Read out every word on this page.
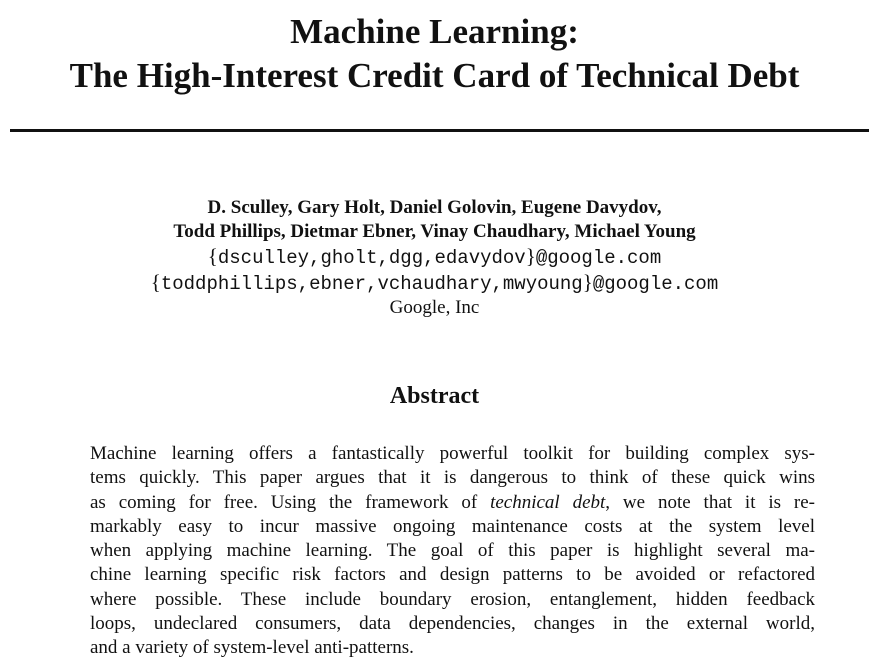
Machine Learning:
The High-Interest Credit Card of Technical Debt
D. Sculley, Gary Holt, Daniel Golovin, Eugene Davydov,
Todd Phillips, Dietmar Ebner, Vinay Chaudhary, Michael Young
{dsculley,gholt,dgg,edavydov}@google.com
{toddphillips,ebner,vchaudhary,mwyoung}@google.com
Google, Inc
Abstract
Machine learning offers a fantastically powerful toolkit for building complex sys-
tems quickly. This paper argues that it is dangerous to think of these quick wins
as coming for free. Using the framework of technical debt, we note that it is re-
markably easy to incur massive ongoing maintenance costs at the system level
when applying machine learning. The goal of this paper is highlight several ma-
chine learning specific risk factors and design patterns to be avoided or refactored
where possible. These include boundary erosion, entanglement, hidden feedback
loops, undeclared consumers, data dependencies, changes in the external world,
and a variety of system-level anti-patterns.
